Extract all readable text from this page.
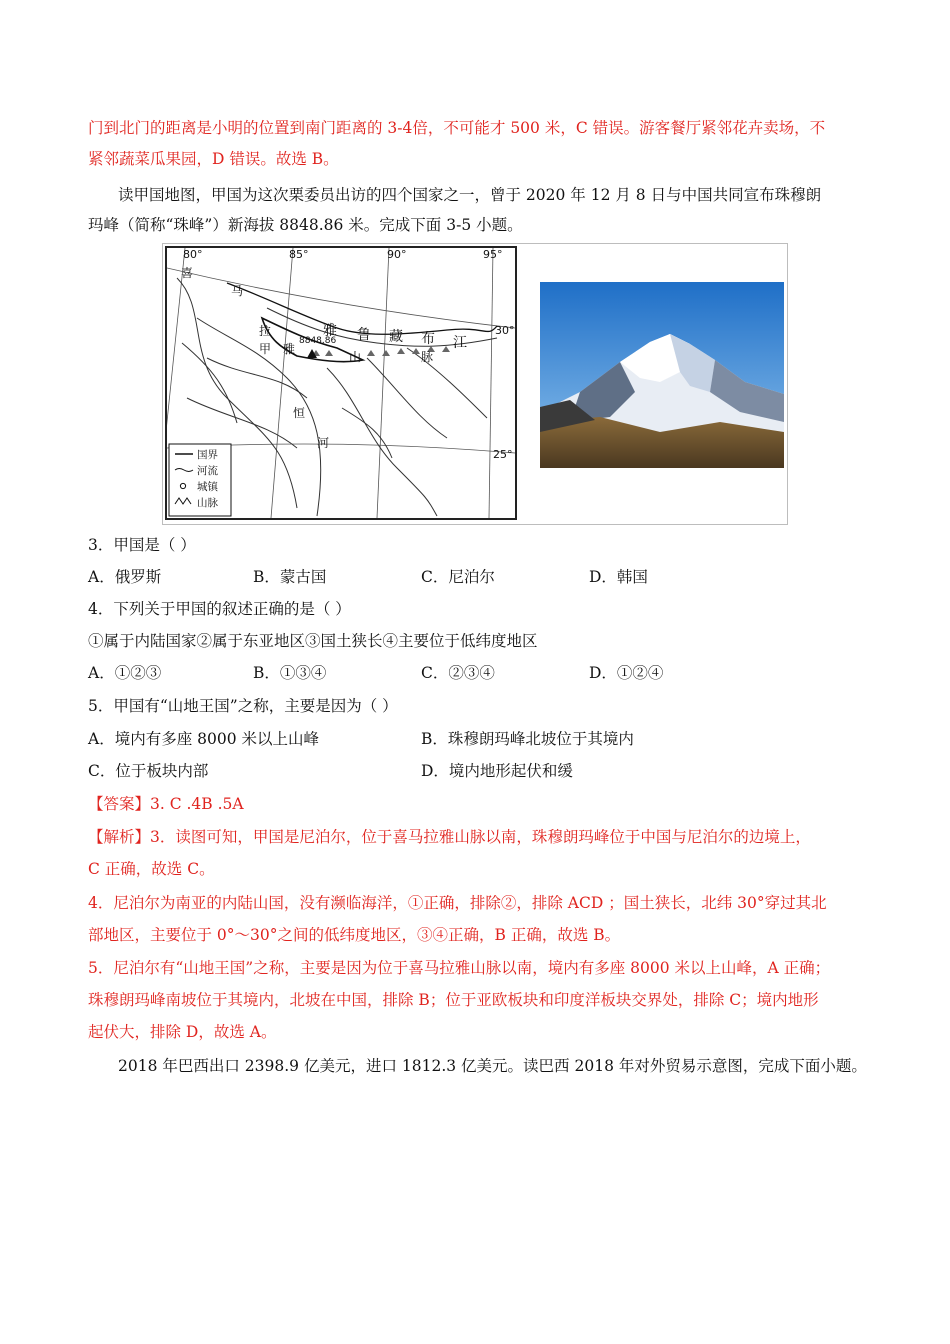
门到北门的距离是小明的位置到南门距离的 3-4倍，不可能才 500 米，C 错误。游客餐厅紧邻花卉卖场，不
紧邻蔬菜瓜果园，D 错误。故选 B。
读甲国地图，甲国为这次栗委员出访的四个国家之一，曾于 2020 年 12 月 8 日与中国共同宣布珠穆朗
玛峰（简称“珠峰”）新海拔 8848.86 米。完成下面 3-5 小题。
80°	85°	90°	95°
30°
25°
喜
马
拉
甲 雅
雅 鲁 藏 布 江
8848.86
山	脉
恒
河
国界
河流
城镇
山脉
3．甲国是（ ）
A．俄罗斯	B．蒙古国	C．尼泊尔	D．韩国
4．下列关于甲国的叙述正确的是（ ）
①属于内陆国家②属于东亚地区③国土狭长④主要位于低纬度地区
A．①②③	B．①③④	C．②③④	D．①②④
5．甲国有“山地王国”之称，主要是因为（ ）
A．境内有多座 8000 米以上山峰	B．珠穆朗玛峰北坡位于其境内
C．位于板块内部	D．境内地形起伏和缓
【答案】3. C .4B .5A
【解析】3．读图可知，甲国是尼泊尔，位于喜马拉雅山脉以南，珠穆朗玛峰位于中国与尼泊尔的边境上，
C 正确，故选 C。
4．尼泊尔为南亚的内陆山国，没有濒临海洋，①正确，排除②，排除 ACD ；国土狭长，北纬 30°穿过其北
部地区，主要位于 0°～30°之间的低纬度地区，③④正确，B 正确，故选 B。
5．尼泊尔有“山地王国”之称，主要是因为位于喜马拉雅山脉以南，境内有多座 8000 米以上山峰，A 正确；
珠穆朗玛峰南坡位于其境内，北坡在中国，排除 B；位于亚欧板块和印度洋板块交界处，排除 C；境内地形
起伏大，排除 D，故选 A。
2018 年巴西出口 2398.9 亿美元，进口 1812.3 亿美元。读巴西 2018 年对外贸易示意图，完成下面小题。
